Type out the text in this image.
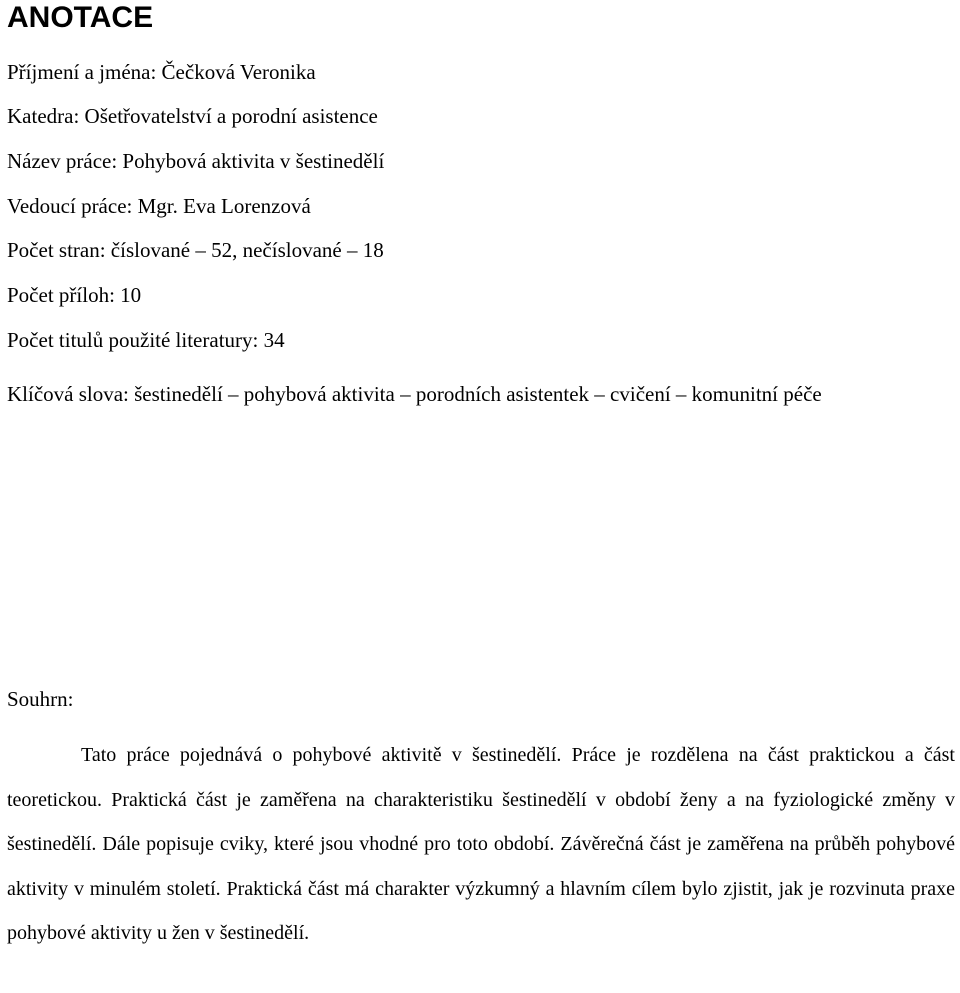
ANOTACE
Příjmení a jména: Čečková Veronika
Katedra: Ošetřovatelství a porodní asistence
Název práce: Pohybová aktivita v šestinedělí
Vedoucí práce: Mgr. Eva Lorenzová
Počet stran: číslované – 52, nečíslované – 18
Počet příloh: 10
Počet titulů použité literatury: 34
Klíčová slova: šestinedělí – pohybová aktivita – porodních asistentek – cvičení – komunitní péče
Souhrn:

Tato práce pojednává o pohybové aktivitě v šestinedělí. Práce je rozdělena na část praktickou a část teoretickou. Praktická část je zaměřena na charakteristiku šestinedělí v období ženy a na fyziologické změny v šestinedělí. Dále popisuje cviky, které jsou vhodné pro toto období. Závěrečná část je zaměřena na průběh pohybové aktivity v minulém století. Praktická část má charakter výzkumný a hlavním cílem bylo zjistit, jak je rozvinuta praxe pohybové aktivity u žen v šestinedělí.
